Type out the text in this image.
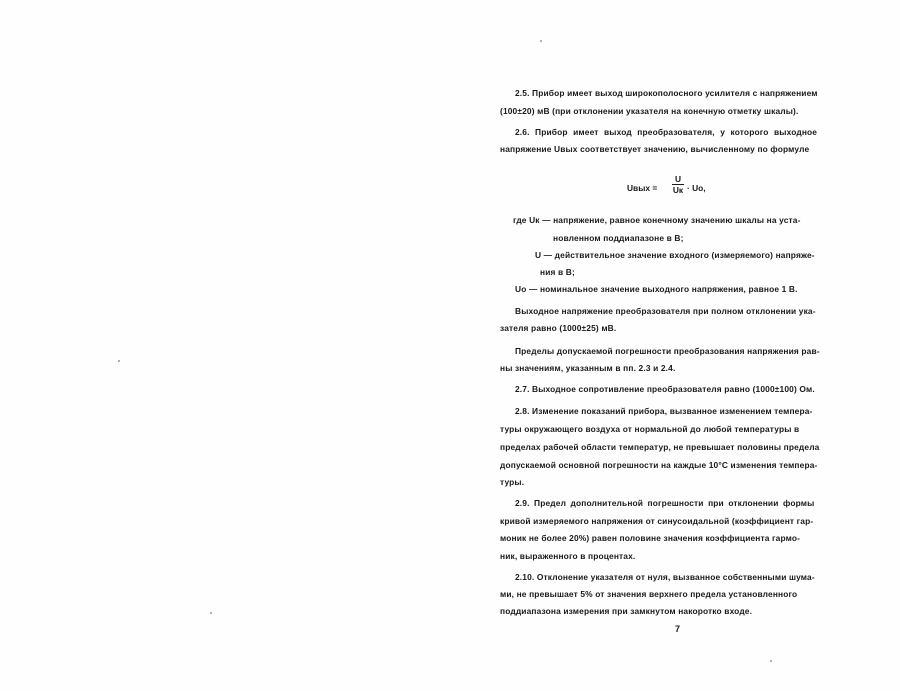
2.5. Прибор имеет выход широкополосного усилителя с напряжением
(100±20) мВ (при отклонении указателя на конечную отметку шкалы).
2.6. Прибор имеет выход преобразователя, у которого выходное
напряжение Uвых соответствует значению, вычисленному по формуле
где Uк — напряжение, равное конечному значению шкалы на уста-
новленном поддиапазоне в В;
U — действительное значение входного (измеряемого) напряже-
ния в В;
Uо — номинальное значение выходного напряжения, равное 1 В.
Выходное напряжение преобразователя при полном отклонении ука-
зателя равно (1000±25) мВ.
Пределы допускаемой погрешности преобразования напряжения рав-
ны значениям, указанным в пп. 2.3 и 2.4.
2.7. Выходное сопротивление преобразователя равно (1000±100) Ом.
2.8. Изменение показаний прибора, вызванное изменением темпера-
туры окружающего воздуха от нормальной до любой температуры в
пределах рабочей области температур, не превышает половины предела
допускаемой основной погрешности на каждые 10°С изменения темпера-
туры.
2.9. Предел дополнительной погрешности при отклонении формы
кривой измеряемого напряжения от синусоидальной (коэффициент гар-
моник не более 20%) равен половине значения коэффициента гармо-
ник, выраженного в процентах.
2.10. Отклонение указателя от нуля, вызванное собственными шума-
ми, не превышает 5% от значения верхнего предела установленного
поддиапазона измерения при замкнутом накоротко входе.
Uвых =
U
Uк · Uо,
7
